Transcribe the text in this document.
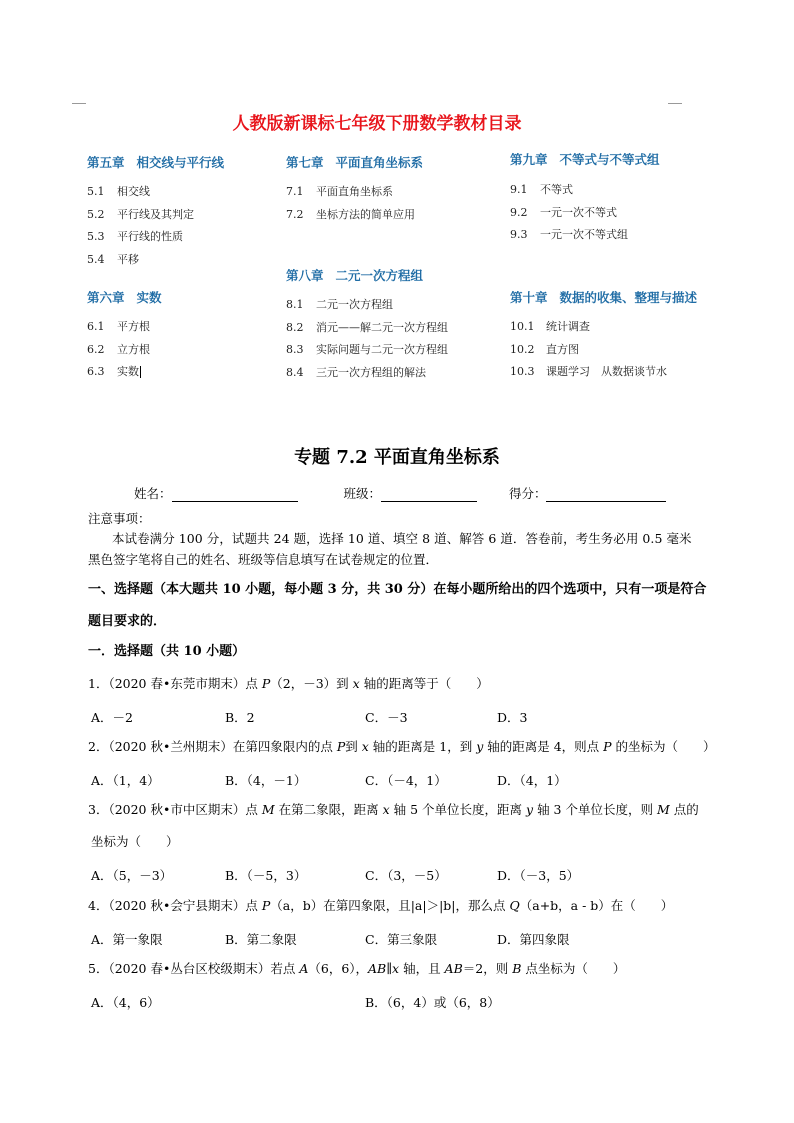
人教版新课标七年级下册数学教材目录
第五章 相交线与平行线
5.1 相交线
5.2 平行线及其判定
5.3 平行线的性质
5.4 平移
第六章 实数
6.1 平方根
6.2 立方根
6.3 实数
第七章 平面直角坐标系
7.1 平面直角坐标系
7.2 坐标方法的简单应用
第八章 二元一次方程组
8.1 二元一次方程组
8.2 消元——解二元一次方程组
8.3 实际问题与二元一次方程组
8.4 三元一次方程组的解法
第九章 不等式与不等式组
9.1 不等式
9.2 一元一次不等式
9.3 一元一次不等式组
第十章 数据的收集、整理与描述
10.1 统计调查
10.2 直方图
10.3 课题学习　从数据谈节水
专题 7.2 平面直角坐标系
姓名：	班级：	得分：
注意事项：
本试卷满分 100 分，试题共 24 题，选择 10 道、填空 8 道、解答 6 道．答卷前，考生务必用 0.5 毫米
黑色签字笔将自己的姓名、班级等信息填写在试卷规定的位置．
一、选择题（本大题共 10 小题，每小题 3 分，共 30 分）在每小题所给出的四个选项中，只有一项是符合
题目要求的．
一．选择题（共 10 小题）
1．（2020 春•东莞市期末）点 P（2，－3）到 x 轴的距离等于（　　）
A．－2	B．2	C．－3	D．3
2．（2020 秋•兰州期末）在第四象限内的点 P到 x 轴的距离是 1，到 y 轴的距离是 4，则点 P 的坐标为（　　）
A．（1，4）	B．（4，－1）	C．（－4，1）	D．（4，1）
3．（2020 秋•市中区期末）点 M 在第二象限，距离 x 轴 5 个单位长度，距离 y 轴 3 个单位长度，则 M 点的
坐标为（　　）
A．（5，－3）	B．（－5，3）	C．（3，－5）	D．（－3，5）
4．（2020 秋•会宁县期末）点 P（a，b）在第四象限，且|a|＞|b|，那么点 Q（a+b，a - b）在（　　）
A．第一象限	B．第二象限	C．第三象限	D．第四象限
5．（2020 春•丛台区校级期末）若点 A（6，6），AB∥x 轴，且 AB＝2，则 B 点坐标为（　　）
A．（4，6）	B．（6，4）或（6，8）
